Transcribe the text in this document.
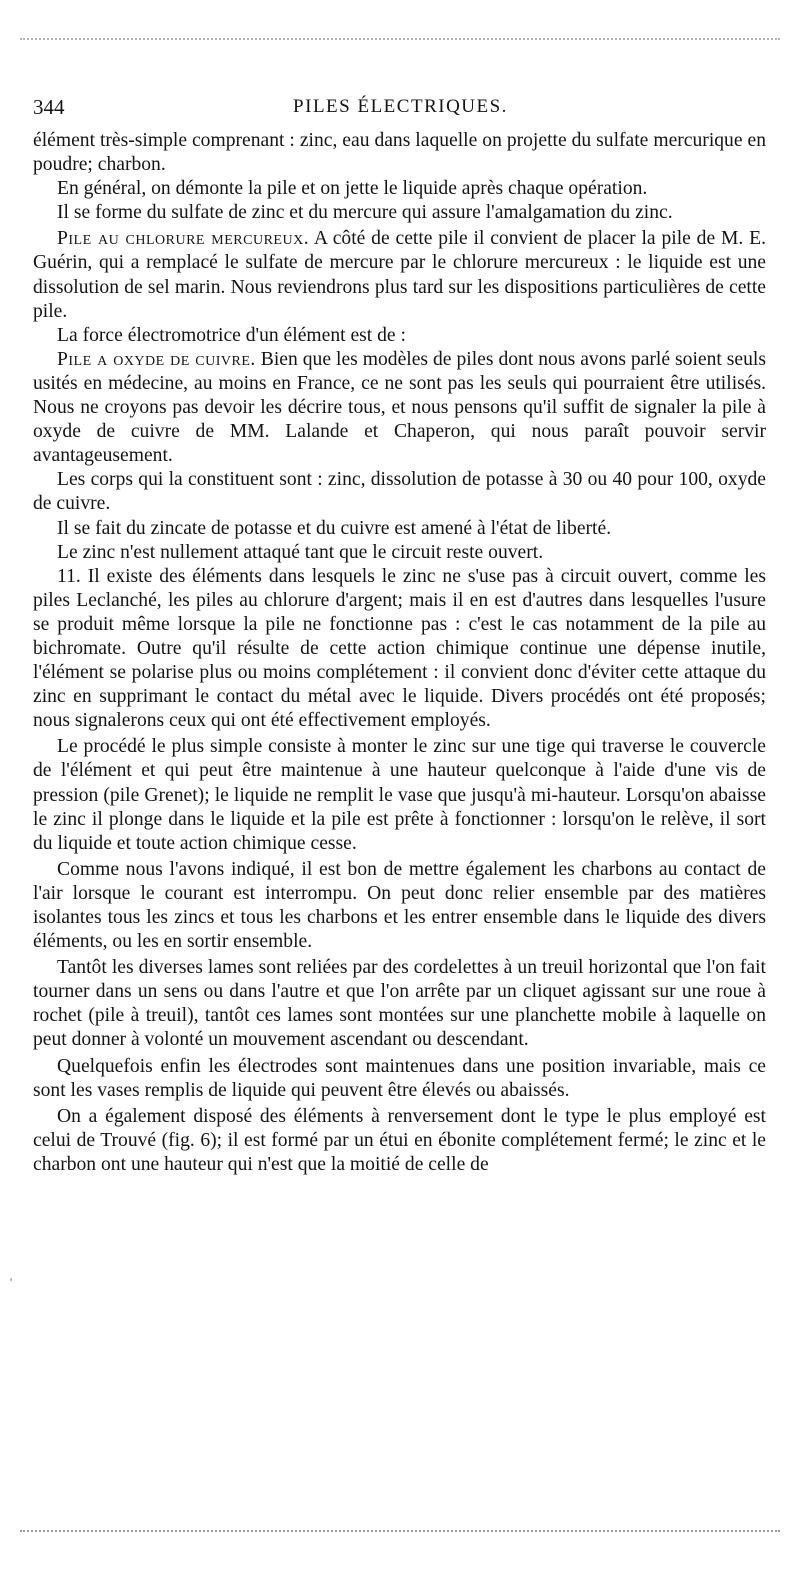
344	PILES ÉLECTRIQUES.

élément très-simple comprenant : zinc, eau dans laquelle on projette du sulfate mercurique en poudre; charbon.

En général, on démonte la pile et on jette le liquide après chaque opération.

Il se forme du sulfate de zinc et du mercure qui assure l'amalgamation du zinc.

Pile au chlorure mercureux. A côté de cette pile il convient de placer la pile de M. E. Guérin, qui a remplacé le sulfate de mercure par le chlorure mercureux : le liquide est une dissolution de sel marin. Nous reviendrons plus tard sur les dispositions particulières de cette pile.

La force électromotrice d'un élément est de :

Pile a oxyde de cuivre. Bien que les modèles de piles dont nous avons parlé soient seuls usités en médecine, au moins en France, ce ne sont pas les seuls qui pourraient être utilisés. Nous ne croyons pas devoir les décrire tous, et nous pensons qu'il suffit de signaler la pile à oxyde de cuivre de MM. Lalande et Chaperon, qui nous paraît pouvoir servir avantageusement.

Les corps qui la constituent sont : zinc, dissolution de potasse à 30 ou 40 pour 100, oxyde de cuivre.

Il se fait du zincate de potasse et du cuivre est amené à l'état de liberté.

Le zinc n'est nullement attaqué tant que le circuit reste ouvert.

11. Il existe des éléments dans lesquels le zinc ne s'use pas à circuit ouvert, comme les piles Leclanché, les piles au chlorure d'argent; mais il en est d'autres dans lesquelles l'usure se produit même lorsque la pile ne fonctionne pas : c'est le cas notamment de la pile au bichromate. Outre qu'il résulte de cette action chimique continue une dépense inutile, l'élément se polarise plus ou moins complétement : il convient donc d'éviter cette attaque du zinc en supprimant le contact du métal avec le liquide. Divers procédés ont été proposés; nous signalerons ceux qui ont été effectivement employés.

Le procédé le plus simple consiste à monter le zinc sur une tige qui traverse le couvercle de l'élément et qui peut être maintenue à une hauteur quelconque à l'aide d'une vis de pression (pile Grenet); le liquide ne remplit le vase que jusqu'à mi-hauteur. Lorsqu'on abaisse le zinc il plonge dans le liquide et la pile est prête à fonctionner : lorsqu'on le relève, il sort du liquide et toute action chimique cesse.

Comme nous l'avons indiqué, il est bon de mettre également les charbons au contact de l'air lorsque le courant est interrompu. On peut donc relier ensemble par des matières isolantes tous les zincs et tous les charbons et les entrer ensemble dans le liquide des divers éléments, ou les en sortir ensemble.

Tantôt les diverses lames sont reliées par des cordelettes à un treuil horizontal que l'on fait tourner dans un sens ou dans l'autre et que l'on arrête par un cliquet agissant sur une roue à rochet (pile à treuil), tantôt ces lames sont montées sur une planchette mobile à laquelle on peut donner à volonté un mouvement ascendant ou descendant.

Quelquefois enfin les électrodes sont maintenues dans une position invariable, mais ce sont les vases remplis de liquide qui peuvent être élevés ou abaissés.

On a également disposé des éléments à renversement dont le type le plus employé est celui de Trouvé (fig. 6); il est formé par un étui en ébonite complétement fermé; le zinc et le charbon ont une hauteur qui n'est que la moitié de celle de

'
